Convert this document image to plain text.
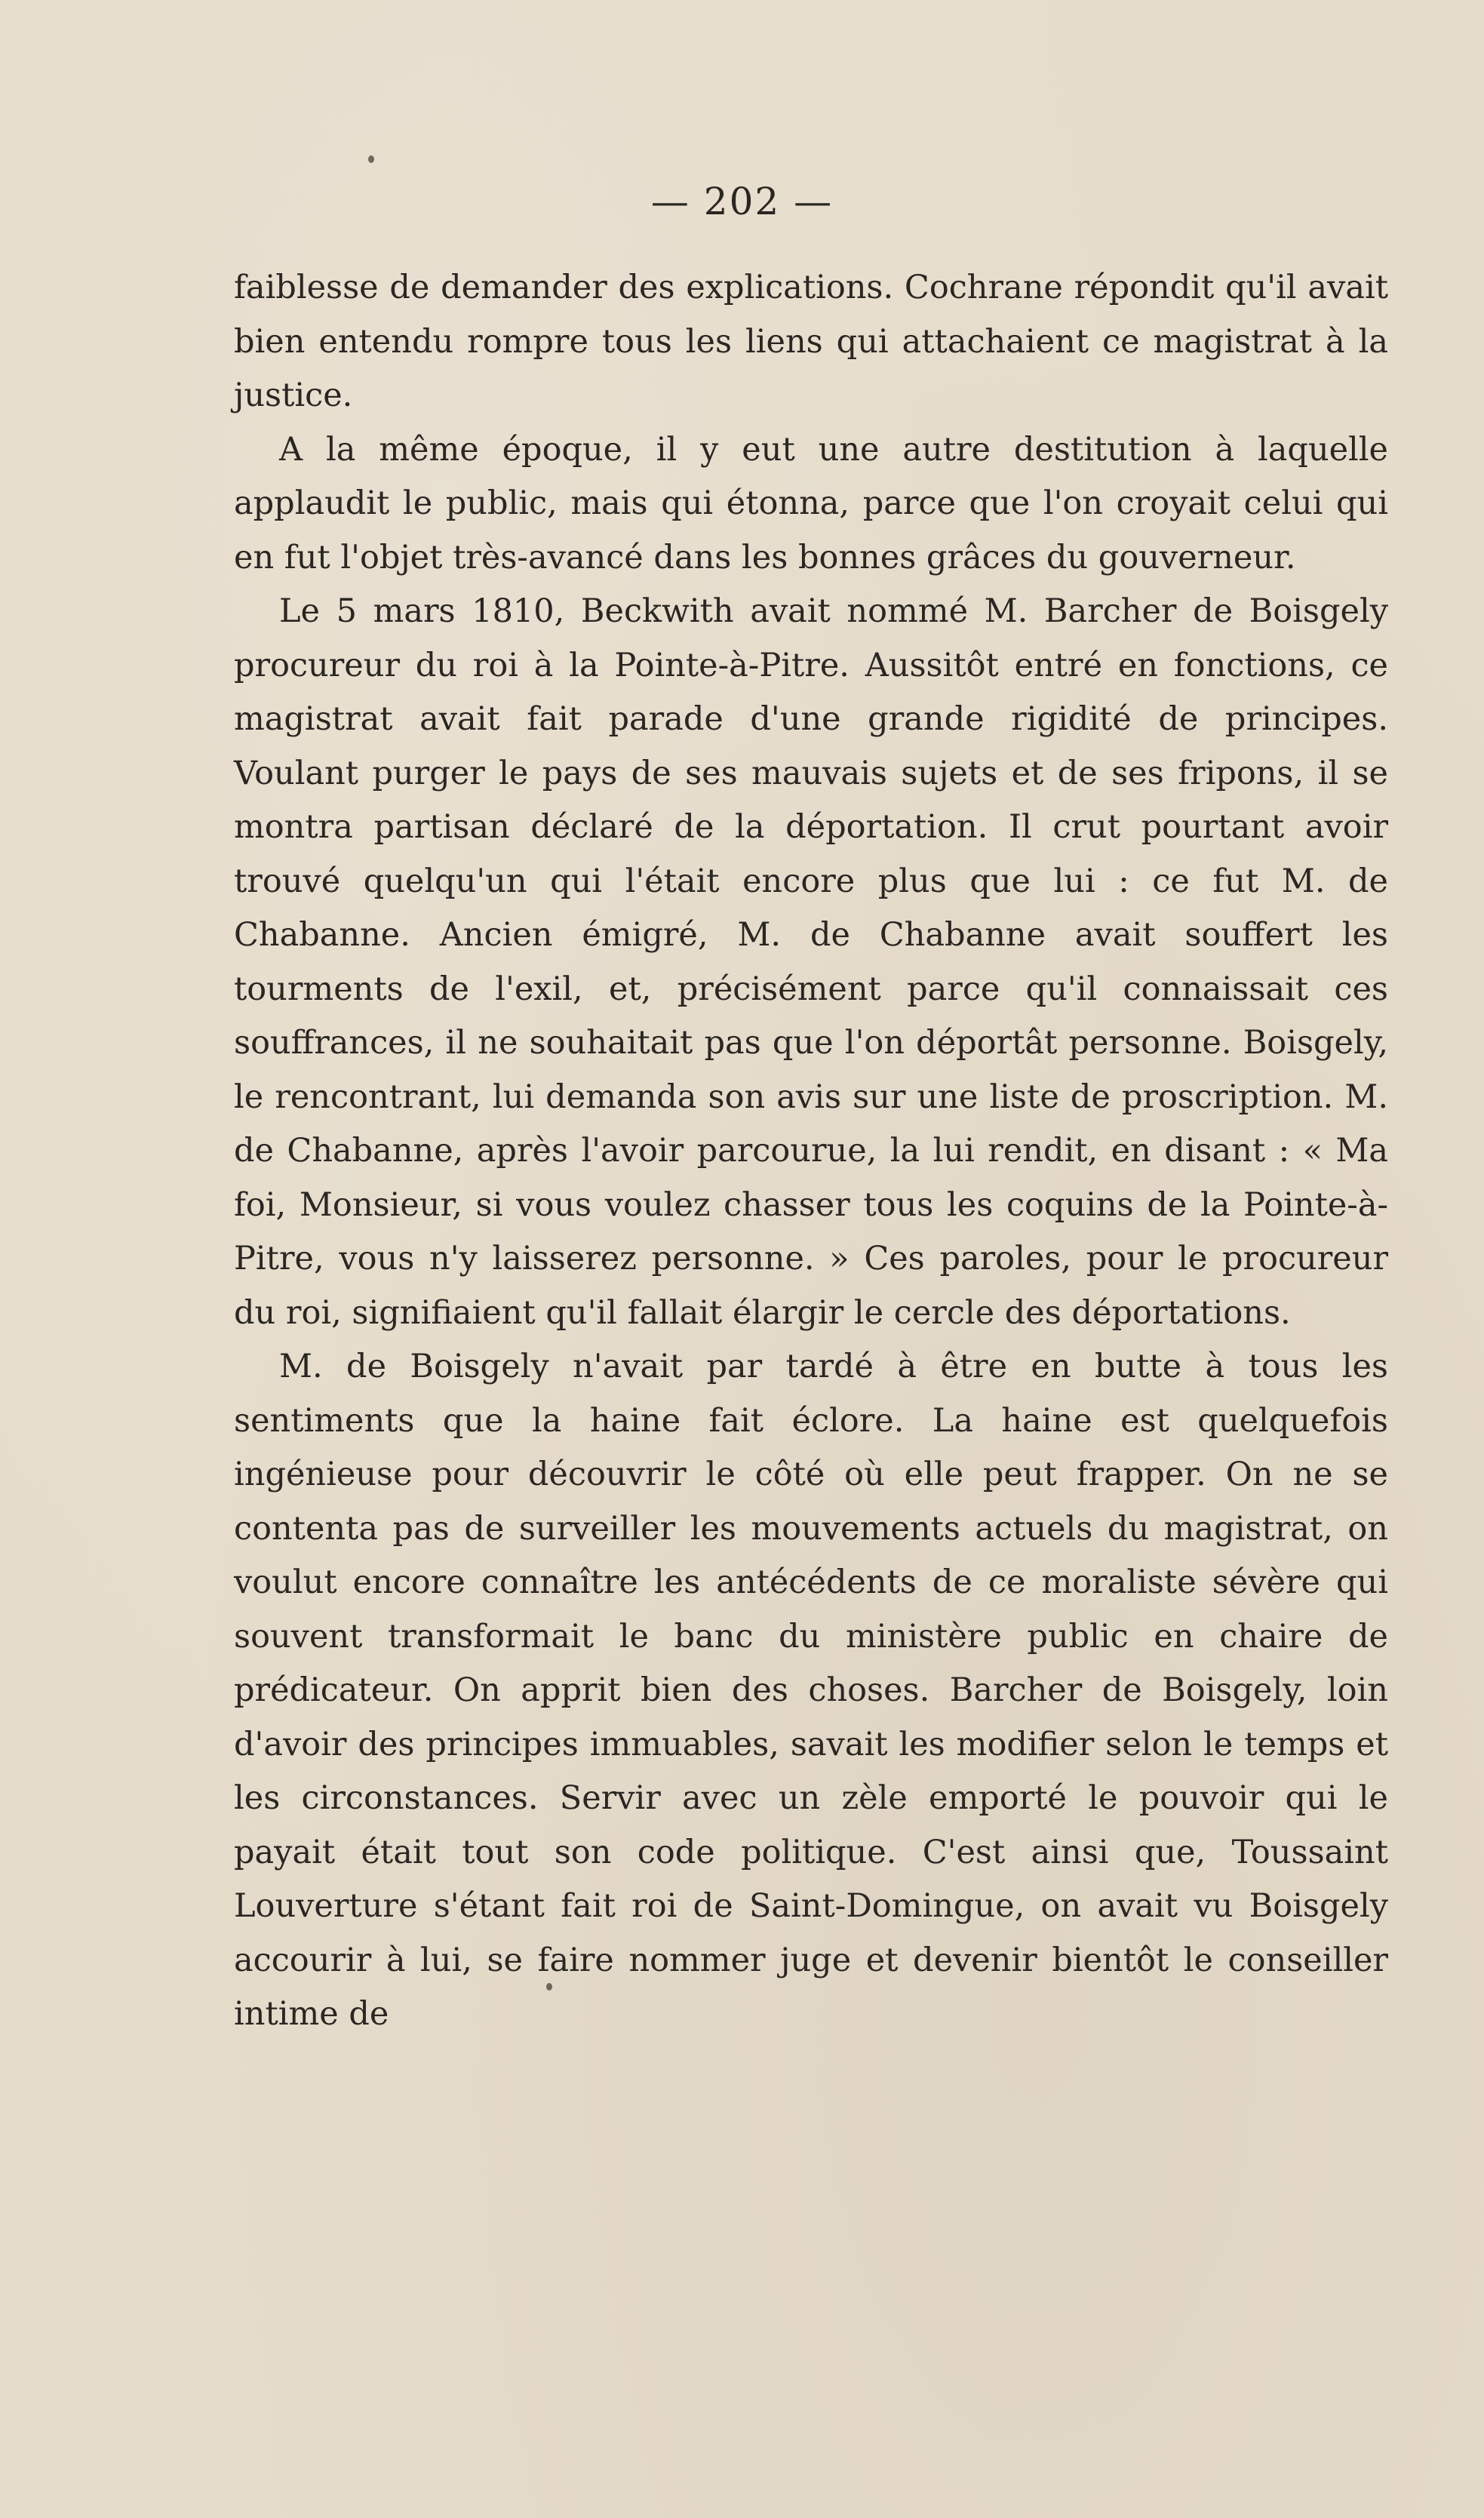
— 202 —

faiblesse de demander des explications. Cochrane répondit qu'il avait bien entendu rompre tous les liens qui attachaient ce magistrat à la justice.

A la même époque, il y eut une autre destitution à laquelle applaudit le public, mais qui étonna, parce que l'on croyait celui qui en fut l'objet très-avancé dans les bonnes grâces du gouverneur.

Le 5 mars 1810, Beckwith avait nommé M. Barcher de Boisgely procureur du roi à la Pointe-à-Pitre. Aussitôt entré en fonctions, ce magistrat avait fait parade d'une grande rigidité de principes. Voulant purger le pays de ses mauvais sujets et de ses fripons, il se montra partisan déclaré de la déportation. Il crut pourtant avoir trouvé quelqu'un qui l'était encore plus que lui : ce fut M. de Chabanne. Ancien émigré, M. de Chabanne avait souffert les tourments de l'exil, et, précisément parce qu'il connaissait ces souffrances, il ne souhaitait pas que l'on déportât personne. Boisgely, le rencontrant, lui demanda son avis sur une liste de proscription. M. de Chabanne, après l'avoir parcourue, la lui rendit, en disant : « Ma foi, Monsieur, si vous voulez chasser tous les coquins de la Pointe-à-Pitre, vous n'y laisserez personne. » Ces paroles, pour le procureur du roi, signifiaient qu'il fallait élargir le cercle des déportations.

M. de Boisgely n'avait par tardé à être en butte à tous les sentiments que la haine fait éclore. La haine est quelquefois ingénieuse pour découvrir le côté où elle peut frapper. On ne se contenta pas de surveiller les mouvements actuels du magistrat, on voulut encore connaître les antécédents de ce moraliste sévère qui souvent transformait le banc du ministère public en chaire de prédicateur. On apprit bien des choses. Barcher de Boisgely, loin d'avoir des principes immuables, savait les modifier selon le temps et les circonstances. Servir avec un zèle emporté le pouvoir qui le payait était tout son code politique. C'est ainsi que, Toussaint Louverture s'étant fait roi de Saint-Domingue, on avait vu Boisgely accourir à lui, se faire nommer juge et devenir bientôt le conseiller intime de
